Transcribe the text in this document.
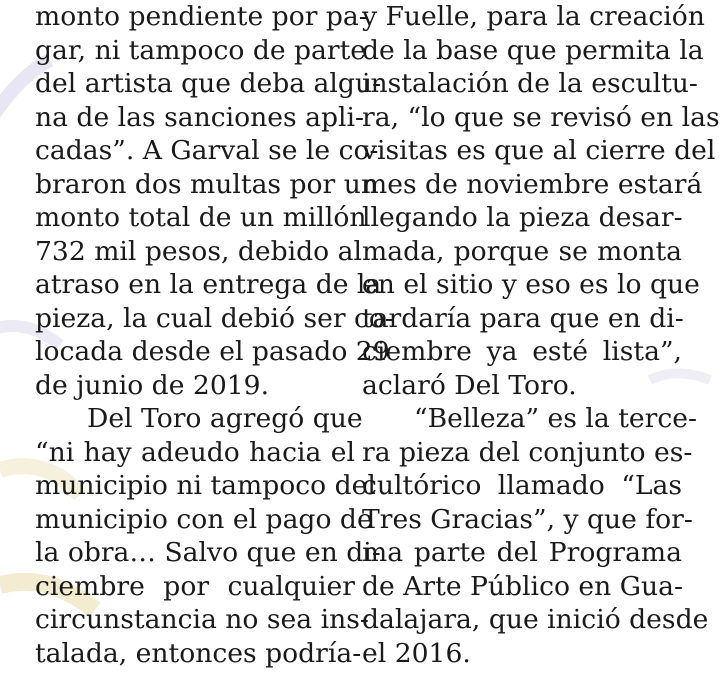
monto pendiente por pa-
gar, ni tampoco de parte
del artista que deba algu-
na de las sanciones apli-
cadas”. A Garval se le co-
braron dos multas por un
monto total de un millón
732 mil pesos, debido al
atraso en la entrega de la
pieza, la cual debió ser co-
locada desde el pasado 29
de junio de 2019.
Del Toro agregó que
“ni hay adeudo hacia el
municipio ni tampoco del
municipio con el pago de
la obra… Salvo que en di-
ciembre por cualquier
circunstancia no sea ins-
talada, entonces podría-
y Fuelle, para la creación
de la base que permita la
instalación de la escultu-
ra, “lo que se revisó en las
visitas es que al cierre del
mes de noviembre estará
llegando la pieza desar-
mada, porque se monta
en el sitio y eso es lo que
tardaría para que en di-
ciembre ya esté lista”,
aclaró Del Toro.
“Belleza” es la terce-
ra pieza del conjunto es-
cultórico llamado “Las
Tres Gracias”, y que for-
ma parte del Programa
de Arte Público en Gua-
dalajara, que inició desde
el 2016.
